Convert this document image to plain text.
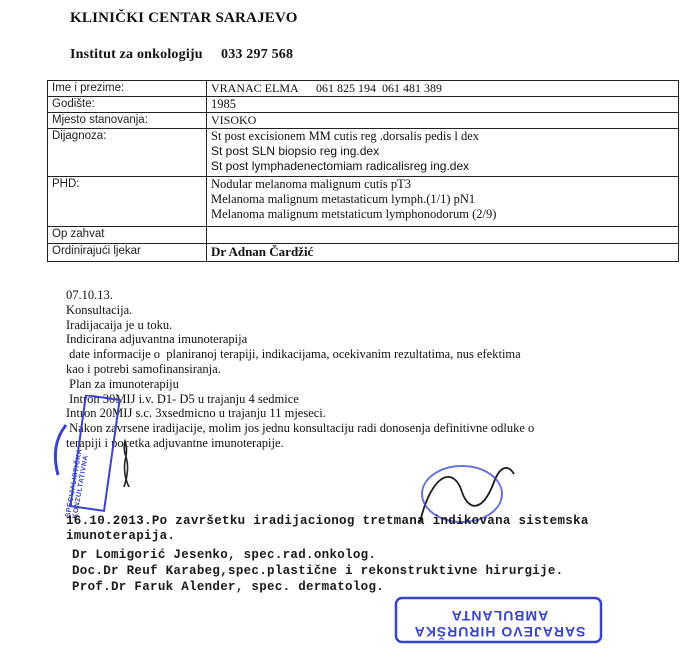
KLINIČKI CENTAR SARAJEVO
Institut za onkologiju 033 297 568
Ime i prezime:	VRANAC ELMA      061 825 194  061 481 389
Godište:	1985
Mjesto stanovanja:	VISOKO
Dijagnoza:	St post excisionem MM cutis reg .dorsalis pedis l dex
St post SLN biopsio reg ing.dex
St post lymphadenectomiam radicalisreg ing.dex

PHD:	Nodular melanoma malignum cutis pT3
Melanoma malignum metastaticum lymph.(1/1) pN1
Melanoma malignum metstaticum lymphonodorum (2/9)

Op zahvat	
Ordinirajući ljekar	Dr Adnan Čardžić
07.10.13.
Konsultacija.
Iradijacaija je u toku.
Indicirana adjuvantna imunoterapija
date informacije o  planiranoj terapiji, indikacijama, ocekivanim rezultatima, nus efektima
kao i potrebi samofinansiranja.
Plan za imunoterapiju
Intron 30MIJ i.v. D1- D5 u trajanju 4 sedmice
Intron 20MIJ s.c. 3xsedmicno u trajanju 11 mjeseci.
Nakon zavrsene iradijacije, molim jos jednu konsultaciju radi donosenja definitivne odluke o
terapiji i pocetka adjuvantne imunoterapije.
SPECIJALISTIČKA KONZULTATIVNA
16.10.2013.Po završetku iradijacionog tretmana indikovana sistemska
imunoterapija.
Dr Lomigorić Jesenko, spec.rad.onkolog.
Doc.Dr Reuf Karabeg,spec.plastične i rekonstruktivne hirurgije.
Prof.Dr Faruk Alender, spec. dermatolog.
SARAJEVO HIRURŠKA AMBULANTA
